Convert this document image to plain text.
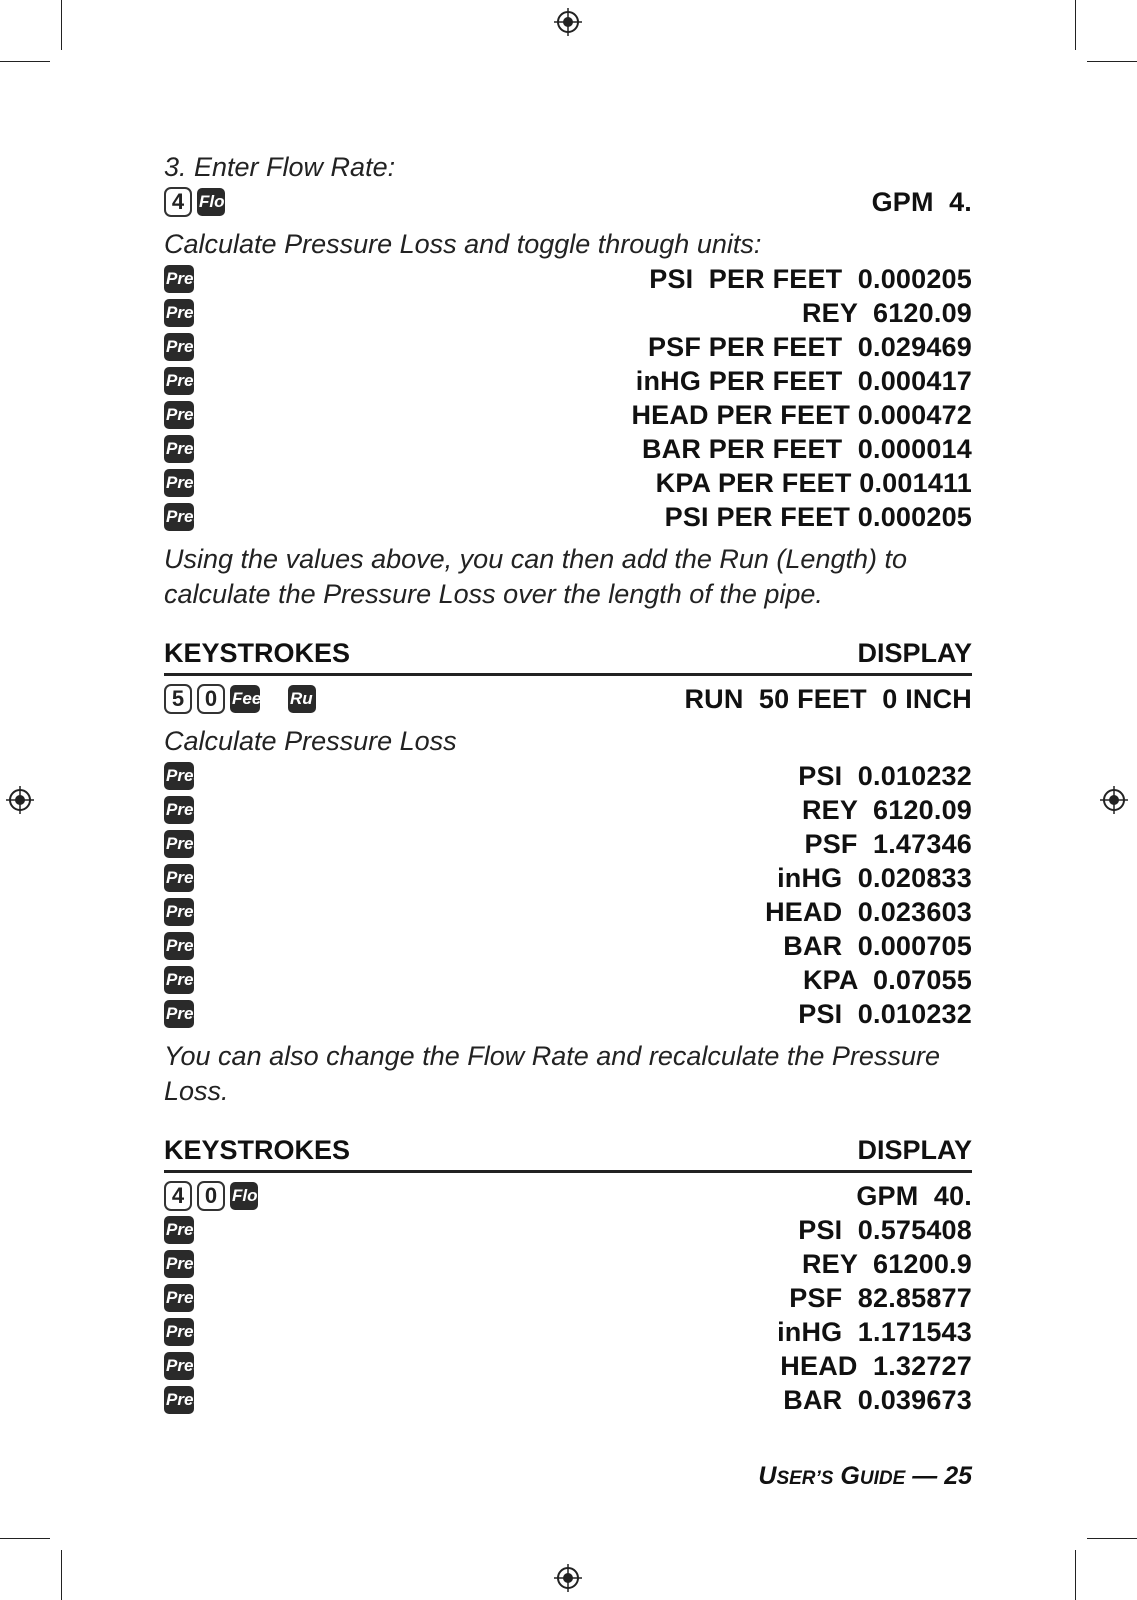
3. Enter Flow Rate:
4 Flo	GPM  4.
Calculate Pressure Loss and toggle through units:
Pres	PSI  PER FEET  0.000205
Pres	REY  6120.09
Pres	PSF PER FEET  0.029469
Pres	inHG PER FEET  0.000417
Pres	HEAD PER FEET 0.000472
Pres	BAR PER FEET  0.000014
Pres	KPA PER FEET 0.001411
Pres	PSI PER FEET 0.000205
Using the values above, you can then add the Run (Length) to calculate the Pressure Loss over the length of the pipe.
KEYSTROKES	DISPLAY
5 0 Fee Ru	RUN  50 FEET  0 INCH
Calculate Pressure Loss
Pres	PSI  0.010232
Pres	REY  6120.09
Pres	PSF  1.47346
Pres	inHG  0.020833
Pres	HEAD  0.023603
Pres	BAR  0.000705
Pres	KPA  0.07055
Pres	PSI  0.010232
You can also change the Flow Rate and recalculate the Pressure Loss.
KEYSTROKES	DISPLAY
4 0 Flo	GPM  40.
Pres	PSI  0.575408
Pres	REY  61200.9
Pres	PSF  82.85877
Pres	inHG  1.171543
Pres	HEAD  1.32727
Pres	BAR  0.039673
USER’S GUIDE — 25
